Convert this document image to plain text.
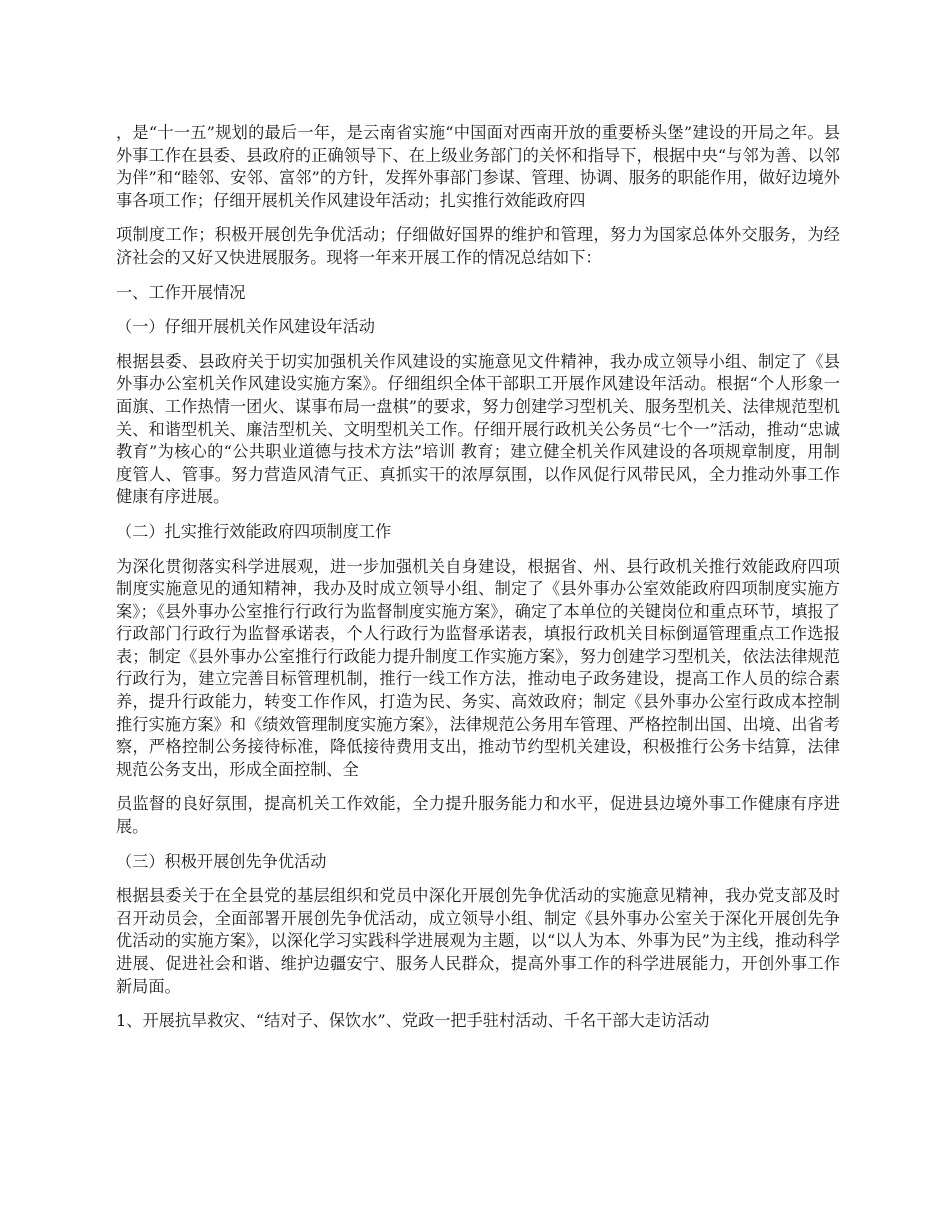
，是“十一五”规划的最后一年，是云南省实施“中国面对西南开放的重要桥头堡”建设的开局之年。县外事工作在县委、县政府的正确领导下、在上级业务部门的关怀和指导下，根据中央“与邻为善、以邻为伴”和“睦邻、安邻、富邻”的方针，发挥外事部门参谋、管理、协调、服务的职能作用，做好边境外事各项工作；仔细开展机关作风建设年活动；扎实推行效能政府四

项制度工作；积极开展创先争优活动；仔细做好国界的维护和管理，努力为国家总体外交服务，为经济社会的又好又快进展服务。现将一年来开展工作的情况总结如下：

一、工作开展情况

（一）仔细开展机关作风建设年活动

根据县委、县政府关于切实加强机关作风建设的实施意见文件精神，我办成立领导小组、制定了《县外事办公室机关作风建设实施方案》。仔细组织全体干部职工开展作风建设年活动。根据“个人形象一面旗、工作热情一团火、谋事布局一盘棋”的要求，努力创建学习型机关、服务型机关、法律规范型机关、和谐型机关、廉洁型机关、文明型机关工作。仔细开展行政机关公务员“七个一”活动，推动“忠诚教育”为核心的“公共职业道德与技术方法”培训 教育；建立健全机关作风建设的各项规章制度，用制度管人、管事。努力营造风清气正、真抓实干的浓厚氛围，以作风促行风带民风，全力推动外事工作健康有序进展。

（二）扎实推行效能政府四项制度工作

为深化贯彻落实科学进展观，进一步加强机关自身建设，根据省、州、县行政机关推行效能政府四项制度实施意见的通知精神，我办及时成立领导小组、制定了《县外事办公室效能政府四项制度实施方案》；《县外事办公室推行行政行为监督制度实施方案》，确定了本单位的关键岗位和重点环节，填报了行政部门行政行为监督承诺表，个人行政行为监督承诺表，填报行政机关目标倒逼管理重点工作选报表；制定《县外事办公室推行行政能力提升制度工作实施方案》，努力创建学习型机关，依法法律规范行政行为，建立完善目标管理机制，推行一线工作方法，推动电子政务建设，提高工作人员的综合素养，提升行政能力，转变工作作风，打造为民、务实、高效政府；制定《县外事办公室行政成本控制推行实施方案》和《绩效管理制度实施方案》，法律规范公务用车管理、严格控制出国、出境、出省考察，严格控制公务接待标准，降低接待费用支出，推动节约型机关建设，积极推行公务卡结算，法律规范公务支出，形成全面控制、全

员监督的良好氛围，提高机关工作效能，全力提升服务能力和水平，促进县边境外事工作健康有序进展。

（三）积极开展创先争优活动

根据县委关于在全县党的基层组织和党员中深化开展创先争优活动的实施意见精神，我办党支部及时召开动员会，全面部署开展创先争优活动，成立领导小组、制定《县外事办公室关于深化开展创先争优活动的实施方案》，以深化学习实践科学进展观为主题，以“以人为本、外事为民”为主线，推动科学进展、促进社会和谐、维护边疆安宁、服务人民群众，提高外事工作的科学进展能力，开创外事工作新局面。

1、开展抗旱救灾、“结对子、保饮水”、党政一把手驻村活动、千名干部大走访活动
